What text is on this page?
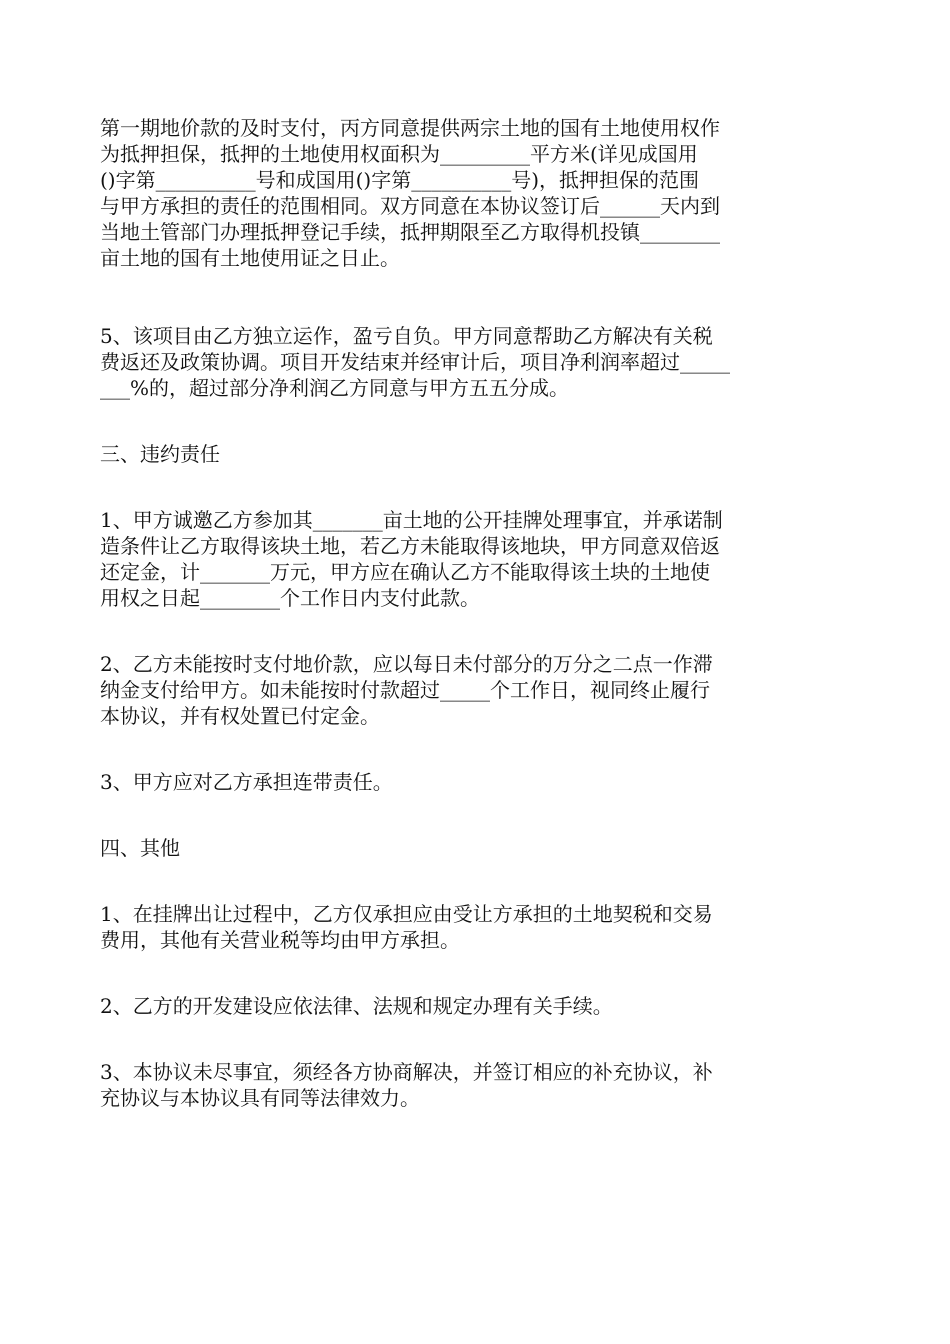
第一期地价款的及时支付，丙方同意提供两宗土地的国有土地使用权作
为抵押担保，抵押的土地使用权面积为_________平方米(详见成国用
()字第__________号和成国用()字第__________号)，抵押担保的范围
与甲方承担的责任的范围相同。双方同意在本协议签订后______天内到
当地土管部门办理抵押登记手续，抵押期限至乙方取得机投镇________
亩土地的国有土地使用证之日止。

5、该项目由乙方独立运作，盈亏自负。甲方同意帮助乙方解决有关税
费返还及政策协调。项目开发结束并经审计后，项目净利润率超过_____
___%的，超过部分净利润乙方同意与甲方五五分成。

三、违约责任

1、甲方诚邀乙方参加其_______亩土地的公开挂牌处理事宜，并承诺制
造条件让乙方取得该块土地，若乙方未能取得该地块，甲方同意双倍返
还定金，计_______万元，甲方应在确认乙方不能取得该土块的土地使
用权之日起________个工作日内支付此款。

2、乙方未能按时支付地价款，应以每日未付部分的万分之二点一作滞
纳金支付给甲方。如未能按时付款超过_____个工作日，视同终止履行
本协议，并有权处置已付定金。

3、甲方应对乙方承担连带责任。

四、其他

1、在挂牌出让过程中，乙方仅承担应由受让方承担的土地契税和交易
费用，其他有关营业税等均由甲方承担。

2、乙方的开发建设应依法律、法规和规定办理有关手续。

3、本协议未尽事宜，须经各方协商解决，并签订相应的补充协议，补
充协议与本协议具有同等法律效力。
